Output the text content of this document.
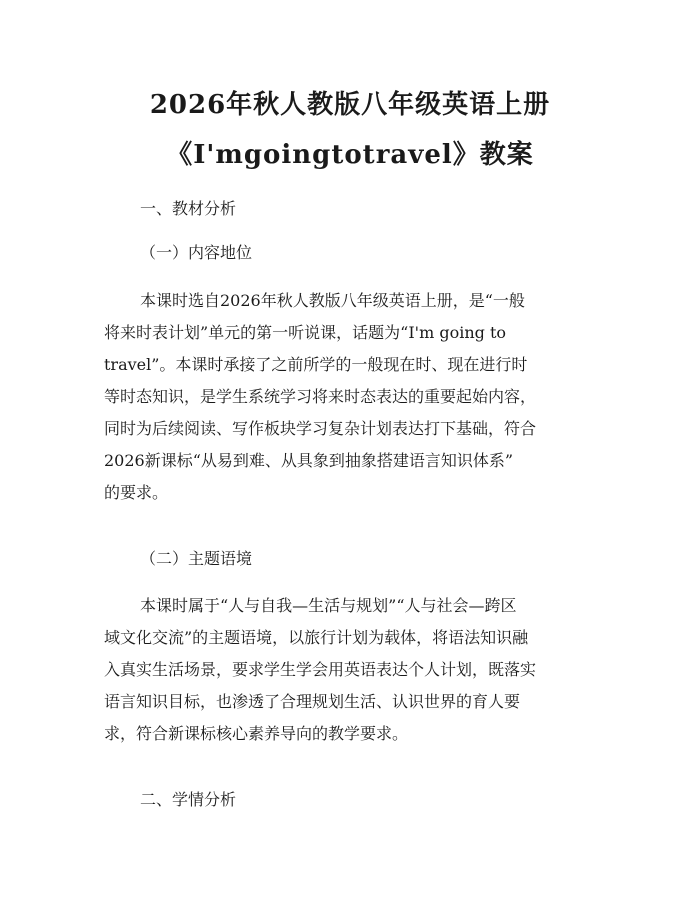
2026年秋人教版八年级英语上册
《I'mgoingtotravel》教案
一、教材分析
（一）内容地位
本课时选自2026年秋人教版八年级英语上册，是“一般
将来时表计划”单元的第一听说课，话题为“I'm going to
travel”。本课时承接了之前所学的一般现在时、现在进行时
等时态知识，是学生系统学习将来时态表达的重要起始内容，
同时为后续阅读、写作板块学习复杂计划表达打下基础，符合
2026新课标“从易到难、从具象到抽象搭建语言知识体系”
的要求。
（二）主题语境
本课时属于“人与自我—生活与规划”“人与社会—跨区
域文化交流”的主题语境，以旅行计划为载体，将语法知识融
入真实生活场景，要求学生学会用英语表达个人计划，既落实
语言知识目标，也渗透了合理规划生活、认识世界的育人要
求，符合新课标核心素养导向的教学要求。
二、学情分析
